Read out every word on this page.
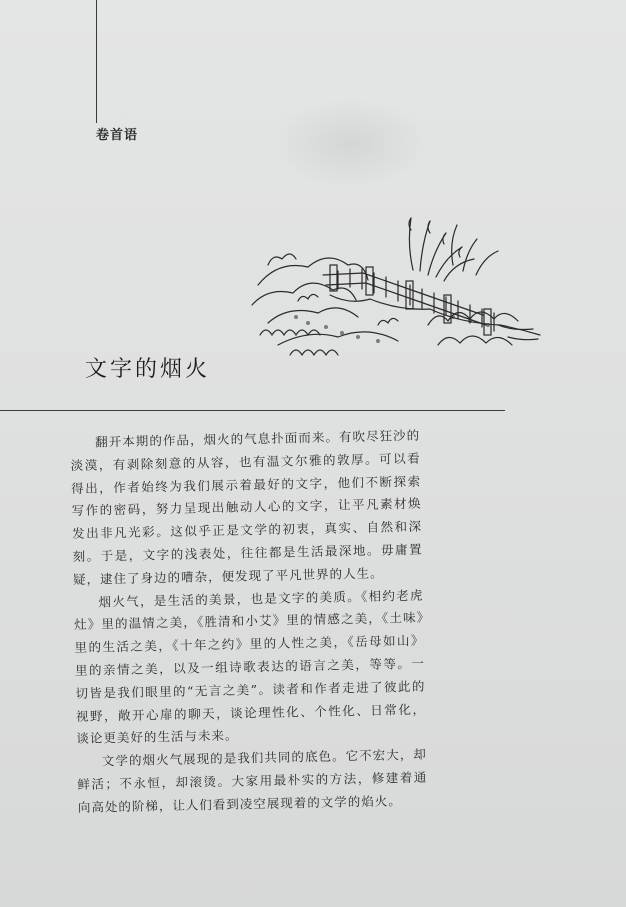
卷首语
文字的烟火

翻开本期的作品，烟火的气息扑面而来。有吹尽狂沙的淡漠，有剥除刻意的从容，也有温文尔雅的敦厚。可以看得出，作者始终为我们展示着最好的文字，他们不断探索写作的密码，努力呈现出触动人心的文字，让平凡素材焕发出非凡光彩。这似乎正是文学的初衷，真实、自然和深刻。于是，文字的浅表处，往往都是生活最深地。毋庸置疑，逮住了身边的嘈杂，便发现了平凡世界的人生。

烟火气，是生活的美景，也是文字的美质。《相约老虎灶》里的温情之美，《胜清和小艾》里的情感之美，《土味》里的生活之美，《十年之约》里的人性之美，《岳母如山》里的亲情之美，以及一组诗歌表达的语言之美，等等。一切皆是我们眼里的“无言之美”。读者和作者走进了彼此的视野，敞开心扉的聊天，谈论理性化、个性化、日常化，谈论更美好的生活与未来。

文学的烟火气展现的是我们共同的底色。它不宏大，却鲜活；不永恒，却滚烫。大家用最朴实的方法，修建着通向高处的阶梯，让人们看到凌空展现着的文学的焰火。
